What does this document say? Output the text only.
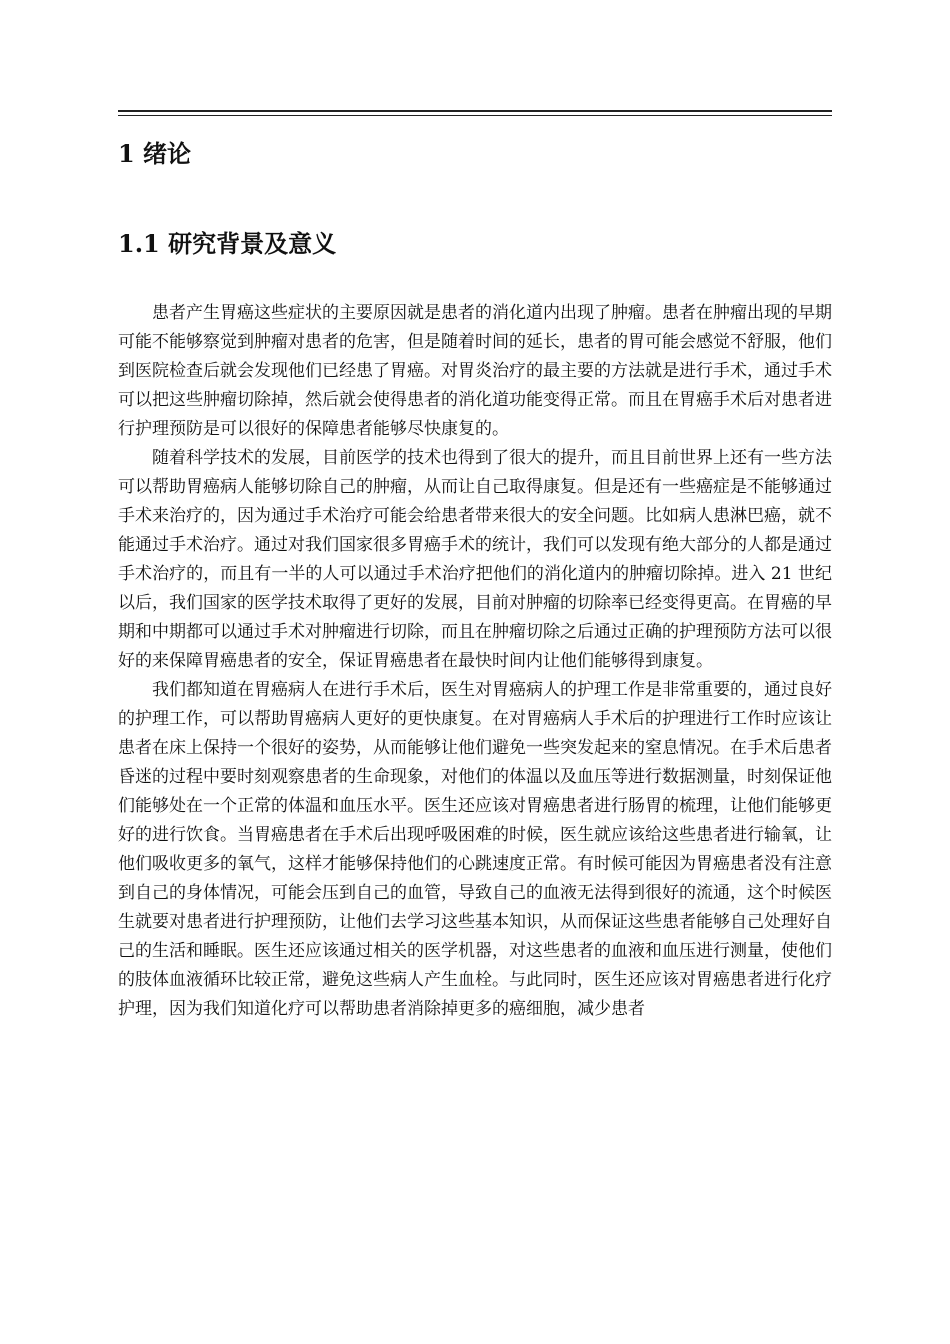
1 绪论
1.1 研究背景及意义

患者产生胃癌这些症状的主要原因就是患者的消化道内出现了肿瘤。患者在肿瘤出现的早期可能不能够察觉到肿瘤对患者的危害，但是随着时间的延长，患者的胃可能会感觉不舒服，他们到医院检查后就会发现他们已经患了胃癌。对胃炎治疗的最主要的方法就是进行手术，通过手术可以把这些肿瘤切除掉，然后就会使得患者的消化道功能变得正常。而且在胃癌手术后对患者进行护理预防是可以很好的保障患者能够尽快康复的。

随着科学技术的发展，目前医学的技术也得到了很大的提升，而且目前世界上还有一些方法可以帮助胃癌病人能够切除自己的肿瘤，从而让自己取得康复。但是还有一些癌症是不能够通过手术来治疗的，因为通过手术治疗可能会给患者带来很大的安全问题。比如病人患淋巴癌，就不能通过手术治疗。通过对我们国家很多胃癌手术的统计，我们可以发现有绝大部分的人都是通过手术治疗的，而且有一半的人可以通过手术治疗把他们的消化道内的肿瘤切除掉。进入 21 世纪以后，我们国家的医学技术取得了更好的发展，目前对肿瘤的切除率已经变得更高。在胃癌的早期和中期都可以通过手术对肿瘤进行切除，而且在肿瘤切除之后通过正确的护理预防方法可以很好的来保障胃癌患者的安全，保证胃癌患者在最快时间内让他们能够得到康复。

我们都知道在胃癌病人在进行手术后，医生对胃癌病人的护理工作是非常重要的，通过良好的护理工作，可以帮助胃癌病人更好的更快康复。在对胃癌病人手术后的护理进行工作时应该让患者在床上保持一个很好的姿势，从而能够让他们避免一些突发起来的窒息情况。在手术后患者昏迷的过程中要时刻观察患者的生命现象，对他们的体温以及血压等进行数据测量，时刻保证他们能够处在一个正常的体温和血压水平。医生还应该对胃癌患者进行肠胃的梳理，让他们能够更好的进行饮食。当胃癌患者在手术后出现呼吸困难的时候，医生就应该给这些患者进行输氧，让他们吸收更多的氧气，这样才能够保持他们的心跳速度正常。有时候可能因为胃癌患者没有注意到自己的身体情况，可能会压到自己的血管，导致自己的血液无法得到很好的流通，这个时候医生就要对患者进行护理预防，让他们去学习这些基本知识，从而保证这些患者能够自己处理好自己的生活和睡眠。医生还应该通过相关的医学机器，对这些患者的血液和血压进行测量，使他们的肢体血液循环比较正常，避免这些病人产生血栓。与此同时，医生还应该对胃癌患者进行化疗护理，因为我们知道化疗可以帮助患者消除掉更多的癌细胞，减少患者
